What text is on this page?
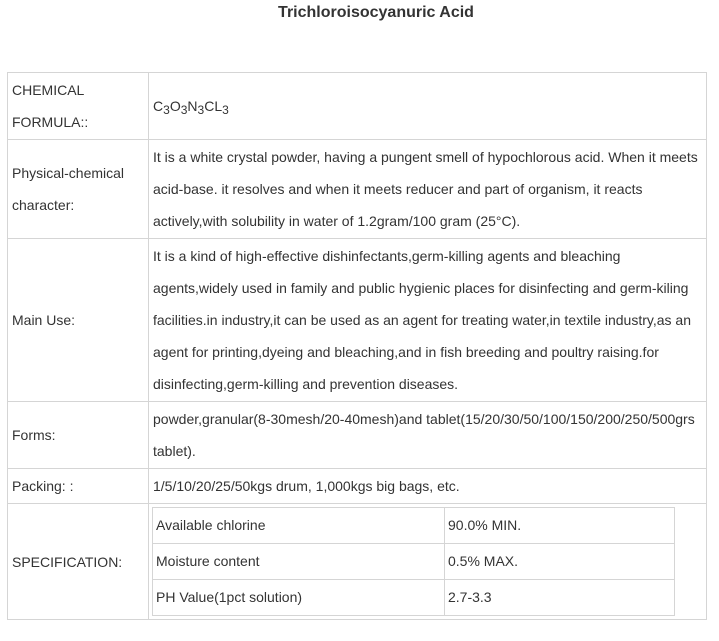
Trichloroisocyanuric Acid
CHEMICAL FORMULA::	$C_3O_3N_3CL_3$
Physical-chemical character:	It is a white crystal powder, having a pungent smell of hypochlorous acid. When it meets acid-base. it resolves and when it meets reducer and part of organism, it reacts actively,with solubility in water of 1.2gram/100 gram (25°C).
Main Use:	It is a kind of high-effective dishinfectants,germ-killing agents and bleaching agents,widely used in family and public hygienic places for disinfecting and germ-kiling facilities.in industry,it can be used as an agent for treating water,in textile industry,as an agent for printing,dyeing and bleaching,and in fish breeding and poultry raising.for disinfecting,germ-killing and prevention diseases.
Forms:	powder,granular(8-30mesh/20-40mesh)and tablet(15/20/30/50/100/150/200/250/500grs tablet).
Packing: :	1/5/10/20/25/50kgs drum, 1,000kgs big bags, etc.
SPECIFICATION:	
Available chlorine	90.0% MIN.
Moisture content	0.5% MAX.
PH Value(1pct solution)	2.7-3.3
